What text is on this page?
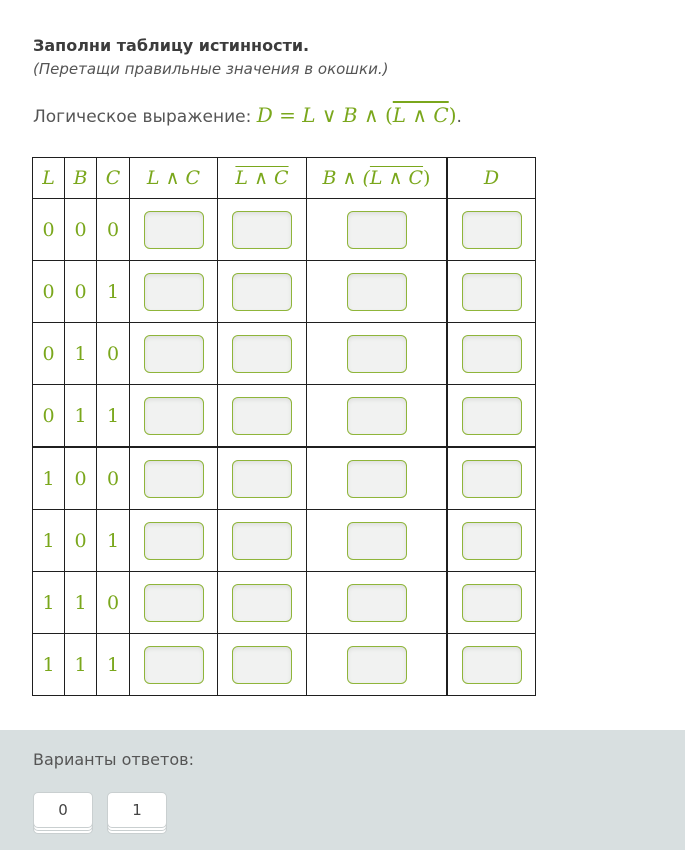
Заполни таблицу истинности.

(Перетащи правильные значения в окошки.)

Логическое выражение: D = L ∨ B ∧ (L ∧ C).
L	B	C	L ∧ C	L ∧ C	B ∧ (L ∧ C)	D
0	0	0				
0	0	1				
0	1	0				
0	1	1				
1	0	0				
1	0	1				
1	1	0				
1	1	1				
Варианты ответов:
0	1
